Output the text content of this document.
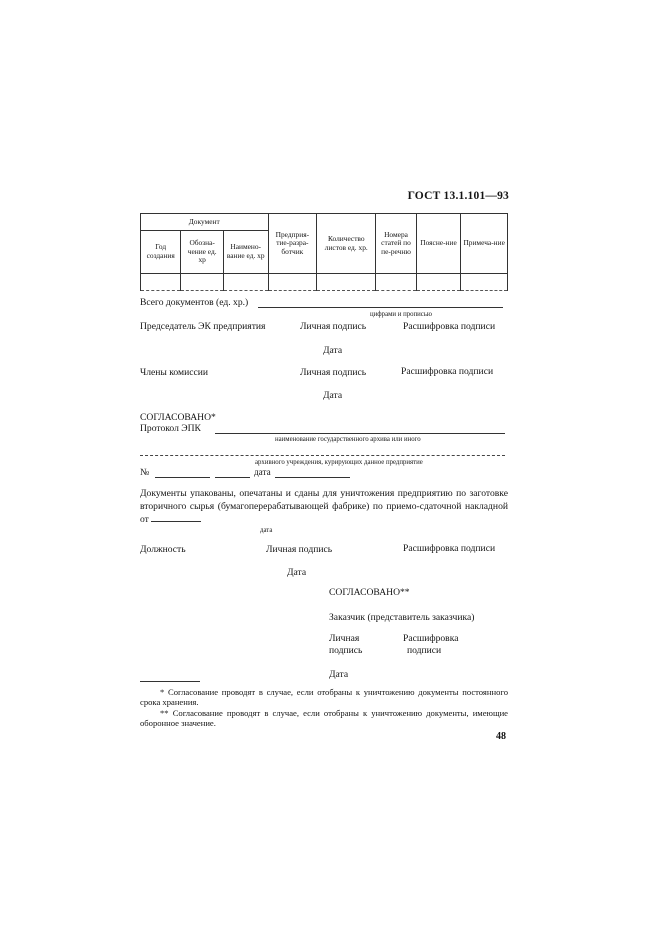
ГОСТ 13.1.101—93
Документ			Предприя-тие-разра-ботчик	Количество листов ед. хр.	Номера статей по пе-речню	Поясне-ние	Примеча-ние
Год создания	Обозна-чение ед. хр	Наимено-вание ед. хр					

Всего документов (ед. хр.)
цифрами и прописью
Председатель ЭК предприятия	Личная подпись	Расшифровка подписи
Дата
Члены комиссии	Личная подпись	Расшифровка подписи
Дата
СОГЛАСОВАНО*
Протокол ЭПК
наименование государственного архива или иного
архивного учреждения, курирующих данное предприятие
№	дата
Документы упакованы, опечатаны и сданы для уничтожения предприятию по заготовке вторичного сырья (бумагоперерабатывающей фабрике) по приемо-сдаточной накладной от
дата
Должность	Личная подпись	Расшифровка подписи
Дата
СОГЛАСОВАНО**
Заказчик (представитель заказчика)
Личная
подпись
Расшифровка
подписи
Дата
* Согласование проводят в случае, если отобраны к уничтожению документы постоянного срока хранения.
** Согласование проводят в случае, если отобраны к уничтожению документы, имеющие оборонное значение.
48
